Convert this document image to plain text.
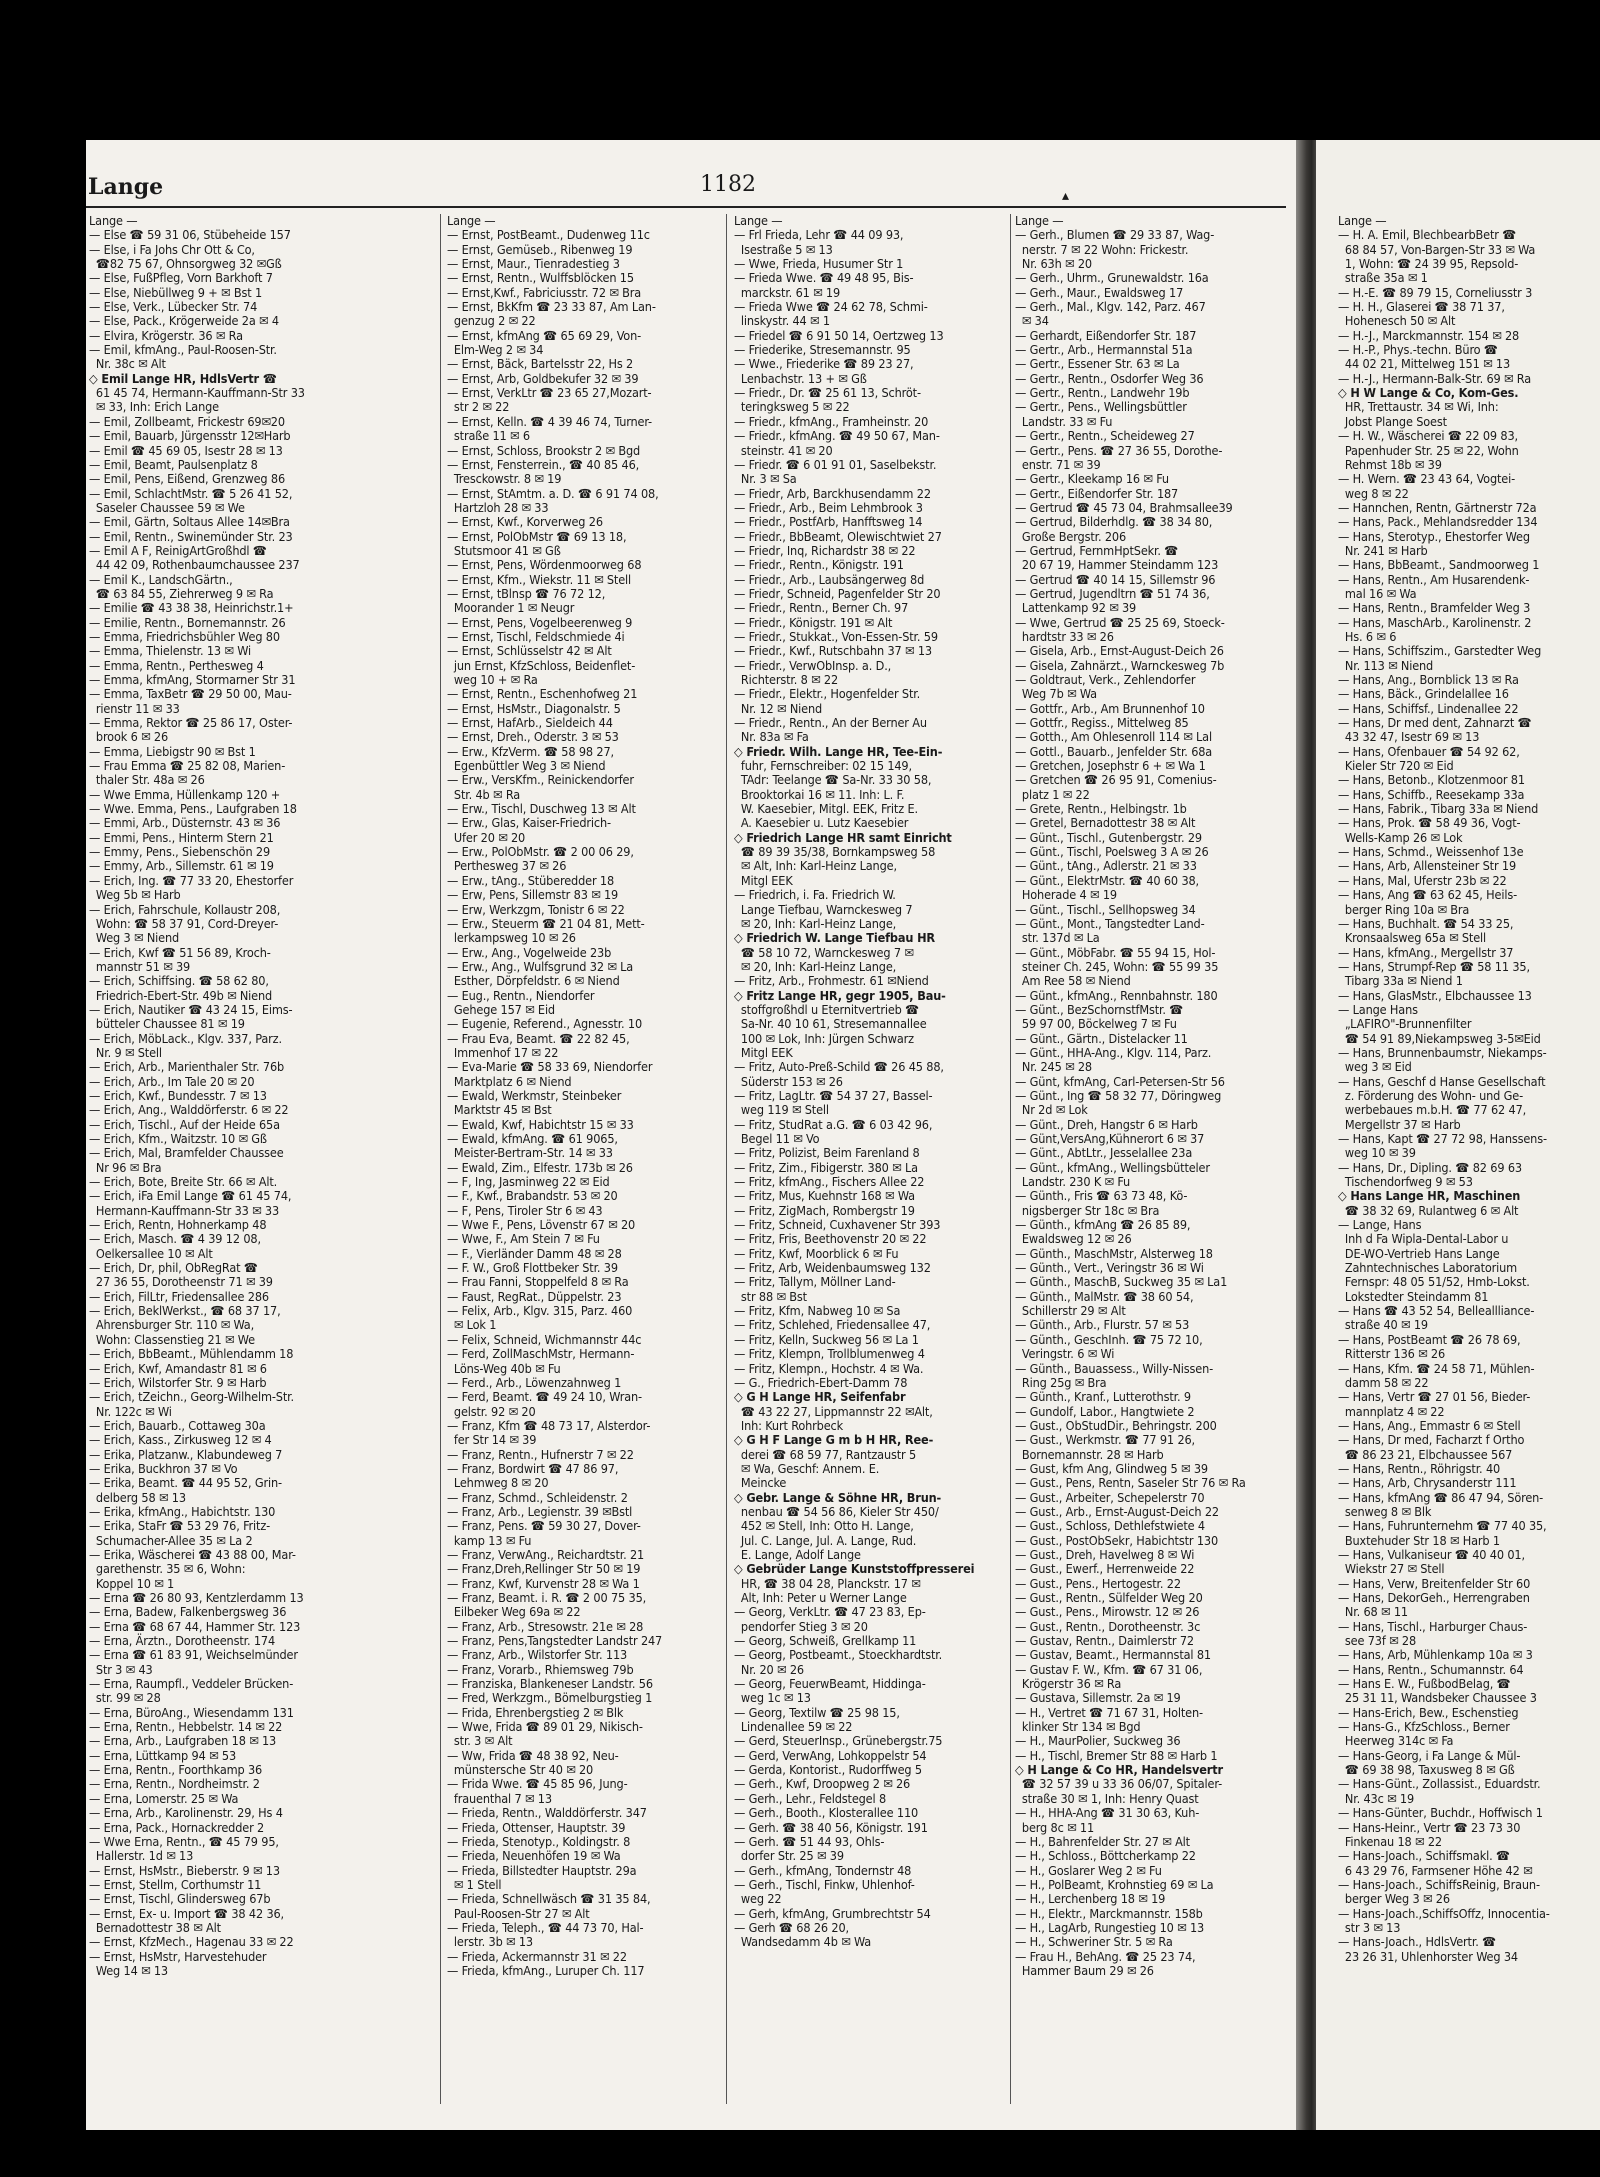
Lange	1182	▴
Lange —
— Else ☎ 59 31 06, Stübeheide 157
— Else, i Fa Johs Chr Ott & Co,
☎82 75 67, Ohnsorgweg 32 ✉Gß
— Else, FußPfleg, Vorn Barkhoft 7
— Else, Niebüllweg 9 + ✉ Bst 1
— Else, Verk., Lübecker Str. 74
— Else, Pack., Krögerweide 2a ✉ 4
— Elvira, Krögerstr. 36 ✉ Ra
— Emil, kfmAng., Paul-Roosen-Str.
Nr. 38c ✉ Alt
◇ Emil Lange HR, HdlsVertr ☎
61 45 74, Hermann-Kauffmann-Str 33
✉ 33, Inh: Erich Lange
— Emil, Zollbeamt, Frickestr 69✉20
— Emil, Bauarb, Jürgensstr 12✉Harb
— Emil ☎ 45 69 05, Isestr 28 ✉ 13
— Emil, Beamt, Paulsenplatz 8
— Emil, Pens, Eißend, Grenzweg 86
— Emil, SchlachtMstr. ☎ 5 26 41 52,
Saseler Chaussee 59 ✉ We
— Emil, Gärtn, Soltaus Allee 14✉Bra
— Emil, Rentn., Swinemünder Str. 23
— Emil A F, ReinigArtGroßhdl ☎
44 42 09, Rothenbaumchaussee 237
— Emil K., LandschGärtn.,
☎ 63 84 55, Ziehrerweg 9 ✉ Ra
— Emilie ☎ 43 38 38, Heinrichstr.1+
— Emilie, Rentn., Bornemannstr. 26
— Emma, Friedrichsbühler Weg 80
— Emma, Thielenstr. 13 ✉ Wi
— Emma, Rentn., Perthesweg 4
— Emma, kfmAng, Stormarner Str 31
— Emma, TaxBetr ☎ 29 50 00, Mau-
rienstr 11 ✉ 33
— Emma, Rektor ☎ 25 86 17, Oster-
brook 6 ✉ 26
— Emma, Liebigstr 90 ✉ Bst 1
— Frau Emma ☎ 25 82 08, Marien-
thaler Str. 48a ✉ 26
— Wwe Emma, Hüllenkamp 120 +
— Wwe. Emma, Pens., Laufgraben 18
— Emmi, Arb., Düsternstr. 43 ✉ 36
— Emmi, Pens., Hinterm Stern 21
— Emmy, Pens., Siebenschön 29
— Emmy, Arb., Sillemstr. 61 ✉ 19
— Erich, Ing. ☎ 77 33 20, Ehestorfer
Weg 5b ✉ Harb
— Erich, Fahrschule, Kollaustr 208,
Wohn: ☎ 58 37 91, Cord-Dreyer-
Weg 3 ✉ Niend
— Erich, Kwf ☎ 51 56 89, Kroch-
mannstr 51 ✉ 39
— Erich, Schiffsing. ☎ 58 62 80,
Friedrich-Ebert-Str. 49b ✉ Niend
— Erich, Nautiker ☎ 43 24 15, Eims-
bütteler Chaussee 81 ✉ 19
— Erich, MöbLack., Klgv. 337, Parz.
Nr. 9 ✉ Stell
— Erich, Arb., Marienthaler Str. 76b
— Erich, Arb., Im Tale 20 ✉ 20
— Erich, Kwf., Bundesstr. 7 ✉ 13
— Erich, Ang., Walddörferstr. 6 ✉ 22
— Erich, Tischl., Auf der Heide 65a
— Erich, Kfm., Waitzstr. 10 ✉ Gß
— Erich, Mal, Bramfelder Chaussee
Nr 96 ✉ Bra
— Erich, Bote, Breite Str. 66 ✉ Alt.
— Erich, iFa Emil Lange ☎ 61 45 74,
Hermann-Kauffmann-Str 33 ✉ 33
— Erich, Rentn, Hohnerkamp 48
— Erich, Masch. ☎ 4 39 12 08,
Oelkersallee 10 ✉ Alt
— Erich, Dr, phil, ObRegRat ☎
27 36 55, Dorotheenstr 71 ✉ 39
— Erich, FilLtr, Friedensallee 286
— Erich, BeklWerkst., ☎ 68 37 17,
Ahrensburger Str. 110 ✉ Wa,
Wohn: Classenstieg 21 ✉ We
— Erich, BbBeamt., Mühlendamm 18
— Erich, Kwf, Amandastr 81 ✉ 6
— Erich, Wilstorfer Str. 9 ✉ Harb
— Erich, tZeichn., Georg-Wilhelm-Str.
Nr. 122c ✉ Wi
— Erich, Bauarb., Cottaweg 30a
— Erich, Kass., Zirkusweg 12 ✉ 4
— Erika, Platzanw., Klabundeweg 7
— Erika, Buckhron 37 ✉ Vo
— Erika, Beamt. ☎ 44 95 52, Grin-
delberg 58 ✉ 13
— Erika, kfmAng., Habichtstr. 130
— Erika, StaFr ☎ 53 29 76, Fritz-
Schumacher-Allee 35 ✉ La 2
— Erika, Wäscherei ☎ 43 88 00, Mar-
garethenstr. 35 ✉ 6, Wohn:
Koppel 10 ✉ 1
— Erna ☎ 26 80 93, Kentzlerdamm 13
— Erna, Badew, Falkenbergsweg 36
— Erna ☎ 68 67 44, Hammer Str. 123
— Erna, Ärztn., Dorotheenstr. 174
— Erna ☎ 61 83 91, Weichselmünder
Str 3 ✉ 43
— Erna, Raumpfl., Veddeler Brücken-
str. 99 ✉ 28
— Erna, BüroAng., Wiesendamm 131
— Erna, Rentn., Hebbelstr. 14 ✉ 22
— Erna, Arb., Laufgraben 18 ✉ 13
— Erna, Lüttkamp 94 ✉ 53
— Erna, Rentn., Foorthkamp 36
— Erna, Rentn., Nordheimstr. 2
— Erna, Lomerstr. 25 ✉ Wa
— Erna, Arb., Karolinenstr. 29, Hs 4
— Erna, Pack., Hornackredder 2
— Wwe Erna, Rentn., ☎ 45 79 95,
Hallerstr. 1d ✉ 13
— Ernst, HsMstr., Bieberstr. 9 ✉ 13
— Ernst, Stellm, Corthumstr 11
— Ernst, Tischl, Glindersweg 67b
— Ernst, Ex- u. Import ☎ 38 42 36,
Bernadottestr 38 ✉ Alt
— Ernst, KfzMech., Hagenau 33 ✉ 22
— Ernst, HsMstr, Harvestehuder
Weg 14 ✉ 13
Lange —
— Ernst, PostBeamt., Dudenweg 11c
— Ernst, Gemüseb., Ribenweg 19
— Ernst, Maur., Tienradestieg 3
— Ernst, Rentn., Wulffsblöcken 15
— Ernst,Kwf., Fabriciusstr. 72 ✉ Bra
— Ernst, BkKfm ☎ 23 33 87, Am Lan-
genzug 2 ✉ 22
— Ernst, kfmAng ☎ 65 69 29, Von-
Elm-Weg 2 ✉ 34
— Ernst, Bäck, Bartelsstr 22, Hs 2
— Ernst, Arb, Goldbekufer 32 ✉ 39
— Ernst, VerkLtr ☎ 23 65 27,Mozart-
str 2 ✉ 22
— Ernst, Kelln. ☎ 4 39 46 74, Turner-
straße 11 ✉ 6
— Ernst, Schloss, Brookstr 2 ✉ Bgd
— Ernst, Fensterrein., ☎ 40 85 46,
Tresckowstr. 8 ✉ 19
— Ernst, StAmtm. a. D. ☎ 6 91 74 08,
Hartzloh 28 ✉ 33
— Ernst, Kwf., Korverweg 26
— Ernst, PolObMstr ☎ 69 13 18,
Stutsmoor 41 ✉ Gß
— Ernst, Pens, Wördenmoorweg 68
— Ernst, Kfm., Wiekstr. 11 ✉ Stell
— Ernst, tBlnsp ☎ 76 72 12,
Moorander 1 ✉ Neugr
— Ernst, Pens, Vogelbeerenweg 9
— Ernst, Tischl, Feldschmiede 4i
— Ernst, Schlüsselstr 42 ✉ Alt
jun Ernst, KfzSchloss, Beidenflet-
weg 10 + ✉ Ra
— Ernst, Rentn., Eschenhofweg 21
— Ernst, HsMstr., Diagonalstr. 5
— Ernst, HafArb., Sieldeich 44
— Ernst, Dreh., Oderstr. 3 ✉ 53
— Erw., KfzVerm. ☎ 58 98 27,
Egenbüttler Weg 3 ✉ Niend
— Erw., VersKfm., Reinickendorfer
Str. 4b ✉ Ra
— Erw., Tischl, Duschweg 13 ✉ Alt
— Erw., Glas, Kaiser-Friedrich-
Ufer 20 ✉ 20
— Erw., PolObMstr. ☎ 2 00 06 29,
Perthesweg 37 ✉ 26
— Erw., tAng., Stüberedder 18
— Erw, Pens, Sillemstr 83 ✉ 19
— Erw, Werkzgm, Tonistr 6 ✉ 22
— Erw., Steuerm ☎ 21 04 81, Mett-
lerkampsweg 10 ✉ 26
— Erw., Ang., Vogelweide 23b
— Erw., Ang., Wulfsgrund 32 ✉ La
Esther, Dörpfeldstr. 6 ✉ Niend
— Eug., Rentn., Niendorfer
Gehege 157 ✉ Eid
— Eugenie, Referend., Agnesstr. 10
— Frau Eva, Beamt. ☎ 22 82 45,
Immenhof 17 ✉ 22
— Eva-Marie ☎ 58 33 69, Niendorfer
Marktplatz 6 ✉ Niend
— Ewald, Werkmstr, Steinbeker
Marktstr 45 ✉ Bst
— Ewald, Kwf, Habichtstr 15 ✉ 33
— Ewald, kfmAng. ☎ 61 9065,
Meister-Bertram-Str. 14 ✉ 33
— Ewald, Zim., Elfestr. 173b ✉ 26
— F, Ing, Jasminweg 22 ✉ Eid
— F., Kwf., Brabandstr. 53 ✉ 20
— F, Pens, Tiroler Str 6 ✉ 43
— Wwe F., Pens, Lövenstr 67 ✉ 20
— Wwe, F., Am Stein 7 ✉ Fu
— F., Vierländer Damm 48 ✉ 28
— F. W., Groß Flottbeker Str. 39
— Frau Fanni, Stoppelfeld 8 ✉ Ra
— Faust, RegRat., Düppelstr. 23
— Felix, Arb., Klgv. 315, Parz. 460
✉ Lok 1
— Felix, Schneid, Wichmannstr 44c
— Ferd, ZollMaschMstr, Hermann-
Löns-Weg 40b ✉ Fu
— Ferd., Arb., Löwenzahnweg 1
— Ferd, Beamt. ☎ 49 24 10, Wran-
gelstr. 92 ✉ 20
— Franz, Kfm ☎ 48 73 17, Alsterdor-
fer Str 14 ✉ 39
— Franz, Rentn., Hufnerstr 7 ✉ 22
— Franz, Bordwirt ☎ 47 86 97,
Lehmweg 8 ✉ 20
— Franz, Schmd., Schleidenstr. 2
— Franz, Arb., Legienstr. 39 ✉Bstl
— Franz, Pens. ☎ 59 30 27, Dover-
kamp 13 ✉ Fu
— Franz, VerwAng., Reichardtstr. 21
— Franz,Dreh,Rellinger Str 50 ✉ 19
— Franz, Kwf, Kurvenstr 28 ✉ Wa 1
— Franz, Beamt. i. R. ☎ 2 00 75 35,
Eilbeker Weg 69a ✉ 22
— Franz, Arb., Stresowstr. 21e ✉ 28
— Franz, Pens,Tangstedter Landstr 247
— Franz, Arb., Wilstorfer Str. 113
— Franz, Vorarb., Rhiemsweg 79b
— Franziska, Blankeneser Landstr. 56
— Fred, Werkzgm., Bömelburgstieg 1
— Frida, Ehrenbergstieg 2 ✉ Blk
— Wwe, Frida ☎ 89 01 29, Nikisch-
str. 3 ✉ Alt
— Ww, Frida ☎ 48 38 92, Neu-
münstersche Str 40 ✉ 20
— Frida Wwe. ☎ 45 85 96, Jung-
frauenthal 7 ✉ 13
— Frieda, Rentn., Walddörferstr. 347
— Frieda, Ottenser, Hauptstr. 39
— Frieda, Stenotyp., Koldingstr. 8
— Frieda, Neuenhöfen 19 ✉ Wa
— Frieda, Billstedter Hauptstr. 29a
✉ 1 Stell
— Frieda, Schnellwäsch ☎ 31 35 84,
Paul-Roosen-Str 27 ✉ Alt
— Frieda, Teleph., ☎ 44 73 70, Hal-
lerstr. 3b ✉ 13
— Frieda, Ackermannstr 31 ✉ 22
— Frieda, kfmAng., Luruper Ch. 117
Lange —
— Frl Frieda, Lehr ☎ 44 09 93,
Isestraße 5 ✉ 13
— Wwe, Frieda, Husumer Str 1
— Frieda Wwe. ☎ 49 48 95, Bis-
marckstr. 61 ✉ 19
— Frieda Wwe ☎ 24 62 78, Schmi-
linskystr. 44 ✉ 1
— Friedel ☎ 6 91 50 14, Oertzweg 13
— Friederike, Stresemannstr. 95
— Wwe., Friederike ☎ 89 23 27,
Lenbachstr. 13 + ✉ Gß
— Friedr., Dr. ☎ 25 61 13, Schröt-
teringksweg 5 ✉ 22
— Friedr., kfmAng., Framheinstr. 20
— Friedr., kfmAng. ☎ 49 50 67, Man-
steinstr. 41 ✉ 20
— Friedr. ☎ 6 01 91 01, Saselbekstr.
Nr. 3 ✉ Sa
— Friedr, Arb, Barckhusendamm 22
— Friedr., Arb., Beim Lehmbrook 3
— Friedr., PostfArb, Hanfftsweg 14
— Friedr., BbBeamt, Olewischtwiet 27
— Friedr, Inq, Richardstr 38 ✉ 22
— Friedr., Rentn., Königstr. 191
— Friedr., Arb., Laubsängerweg 8d
— Friedr, Schneid, Pagenfelder Str 20
— Friedr., Rentn., Berner Ch. 97
— Friedr., Königstr. 191 ✉ Alt
— Friedr., Stukkat., Von-Essen-Str. 59
— Friedr., Kwf., Rutschbahn 37 ✉ 13
— Friedr., VerwObInsp. a. D.,
Richterstr. 8 ✉ 22
— Friedr., Elektr., Hogenfelder Str.
Nr. 12 ✉ Niend
— Friedr., Rentn., An der Berner Au
Nr. 83a ✉ Fa
◇ Friedr. Wilh. Lange HR, Tee-Ein-
fuhr, Fernschreiber: 02 15 149,
TAdr: Teelange ☎ Sa-Nr. 33 30 58,
Brooktorkai 16 ✉ 11. Inh: L. F.
W. Kaesebier, Mitgl. EEK, Fritz E.
A. Kaesebier u. Lutz Kaesebier
◇ Friedrich Lange HR samt Einricht
☎ 89 39 35/38, Bornkampsweg 58
✉ Alt, Inh: Karl-Heinz Lange,
Mitgl EEK
— Friedrich, i. Fa. Friedrich W.
Lange Tiefbau, Warnckesweg 7
✉ 20, Inh: Karl-Heinz Lange,
◇ Friedrich W. Lange Tiefbau HR
☎ 58 10 72, Warnckesweg 7 ✉
✉ 20, Inh: Karl-Heinz Lange,
— Fritz, Arb., Frohmestr. 61 ✉Niend
◇ Fritz Lange HR, gegr 1905, Bau-
stoffgroßhdl u Eternitvertrieb ☎
Sa-Nr. 40 10 61, Stresemannallee
100 ✉ Lok, Inh: Jürgen Schwarz
Mitgl EEK
— Fritz, Auto-Preß-Schild ☎ 26 45 88,
Süderstr 153 ✉ 26
— Fritz, LagLtr. ☎ 54 37 27, Bassel-
weg 119 ✉ Stell
— Fritz, StudRat a.G. ☎ 6 03 42 96,
Begel 11 ✉ Vo
— Fritz, Polizist, Beim Farenland 8
— Fritz, Zim., Fibigerstr. 380 ✉ La
— Fritz, kfmAng., Fischers Allee 22
— Fritz, Mus, Kuehnstr 168 ✉ Wa
— Fritz, ZigMach, Rombergstr 19
— Fritz, Schneid, Cuxhavener Str 393
— Fritz, Fris, Beethovenstr 20 ✉ 22
— Fritz, Kwf, Moorblick 6 ✉ Fu
— Fritz, Arb, Weidenbaumsweg 132
— Fritz, Tallym, Möllner Land-
str 88 ✉ Bst
— Fritz, Kfm, Nabweg 10 ✉ Sa
— Fritz, Schlehed, Friedensallee 47,
— Fritz, Kelln, Suckweg 56 ✉ La 1
— Fritz, Klempn, Trollblumenweg 4
— Fritz, Klempn., Hochstr. 4 ✉ Wa.
— G., Friedrich-Ebert-Damm 78
◇ G H Lange HR, Seifenfabr
☎ 43 22 27, Lippmannstr 22 ✉Alt,
Inh: Kurt Rohrbeck
◇ G H F Lange G m b H HR, Ree-
derei ☎ 68 59 77, Rantzaustr 5
✉ Wa, Geschf: Annem. E.
Meincke
◇ Gebr. Lange & Söhne HR, Brun-
nenbau ☎ 54 56 86, Kieler Str 450/
452 ✉ Stell, Inh: Otto H. Lange,
Jul. C. Lange, Jul. A. Lange, Rud.
E. Lange, Adolf Lange
◇ Gebrüder Lange Kunststoffpresserei
HR, ☎ 38 04 28, Planckstr. 17 ✉
Alt, Inh: Peter u Werner Lange
— Georg, VerkLtr. ☎ 47 23 83, Ep-
pendorfer Stieg 3 ✉ 20
— Georg, Schweiß, Grellkamp 11
— Georg, Postbeamt., Stoeckhardtstr.
Nr. 20 ✉ 26
— Georg, FeuerwBeamt, Hiddinga-
weg 1c ✉ 13
— Georg, Textilw ☎ 25 98 15,
Lindenallee 59 ✉ 22
— Gerd, SteuerInsp., Grünebergstr.75
— Gerd, VerwAng, Lohkoppelstr 54
— Gerda, Kontorist., Rudorffweg 5
— Gerh., Kwf, Droopweg 2 ✉ 26
— Gerh., Lehr., Feldstegel 8
— Gerh., Booth., Klosterallee 110
— Gerh. ☎ 38 40 56, Königstr. 191
— Gerh. ☎ 51 44 93, Ohls-
dorfer Str. 25 ✉ 39
— Gerh., kfmAng, Tondernstr 48
— Gerh., Tischl, Finkw, Uhlenhof-
weg 22
— Gerh, kfmAng, Grumbrechtstr 54
— Gerh ☎ 68 26 20,
Wandsedamm 4b ✉ Wa
Lange —
— Gerh., Blumen ☎ 29 33 87, Wag-
nerstr. 7 ✉ 22 Wohn: Frickestr.
Nr. 63h ✉ 20
— Gerh., Uhrm., Grunewaldstr. 16a
— Gerh., Maur., Ewaldsweg 17
— Gerh., Mal., Klgv. 142, Parz. 467
✉ 34
— Gerhardt, Eißendorfer Str. 187
— Gertr., Arb., Hermannstal 51a
— Gertr., Essener Str. 63 ✉ La
— Gertr., Rentn., Osdorfer Weg 36
— Gertr., Rentn., Landwehr 19b
— Gertr., Pens., Wellingsbüttler
Landstr. 33 ✉ Fu
— Gertr., Rentn., Scheideweg 27
— Gertr., Pens. ☎ 27 36 55, Dorothe-
enstr. 71 ✉ 39
— Gertr., Kleekamp 16 ✉ Fu
— Gertr., Eißendorfer Str. 187
— Gertrud ☎ 45 73 04, Brahmsallee39
— Gertrud, Bilderhdlg. ☎ 38 34 80,
Große Bergstr. 206
— Gertrud, FernmHptSekr. ☎
20 67 19, Hammer Steindamm 123
— Gertrud ☎ 40 14 15, Sillemstr 96
— Gertrud, Jugendltrn ☎ 51 74 36,
Lattenkamp 92 ✉ 39
— Wwe, Gertrud ☎ 25 25 69, Stoeck-
hardtstr 33 ✉ 26
— Gisela, Arb., Ernst-August-Deich 26
— Gisela, Zahnärzt., Warnckesweg 7b
— Goldtraut, Verk., Zehlendorfer
Weg 7b ✉ Wa
— Gottfr., Arb., Am Brunnenhof 10
— Gottfr., Regiss., Mittelweg 85
— Gotth., Am Ohlesenroll 114 ✉ Lal
— Gottl., Bauarb., Jenfelder Str. 68a
— Gretchen, Josephstr 6 + ✉ Wa 1
— Gretchen ☎ 26 95 91, Comenius-
platz 1 ✉ 22
— Grete, Rentn., Helbingstr. 1b
— Gretel, Bernadottestr 38 ✉ Alt
— Günt., Tischl., Gutenbergstr. 29
— Günt., Tischl, Poelsweg 3 A ✉ 26
— Günt., tAng., Adlerstr. 21 ✉ 33
— Günt., ElektrMstr. ☎ 40 60 38,
Hoherade 4 ✉ 19
— Günt., Tischl., Sellhopsweg 34
— Günt., Mont., Tangstedter Land-
str. 137d ✉ La
— Günt., MöbFabr. ☎ 55 94 15, Hol-
steiner Ch. 245, Wohn: ☎ 55 99 35
Am Ree 58 ✉ Niend
— Günt., kfmAng., Rennbahnstr. 180
— Günt., BezSchornstfMstr. ☎
59 97 00, Böckelweg 7 ✉ Fu
— Günt., Gärtn., Distelacker 11
— Günt., HHA-Ang., Klgv. 114, Parz.
Nr. 245 ✉ 28
— Günt, kfmAng, Carl-Petersen-Str 56
— Günt., Ing ☎ 58 32 77, Döringweg
Nr 2d ✉ Lok
— Günt., Dreh, Hangstr 6 ✉ Harb
— Günt,VersAng,Kühnerort 6 ✉ 37
— Günt., AbtLtr., Jesselallee 23a
— Günt., kfmAng., Wellingsbütteler
Landstr. 230 K ✉ Fu
— Günth., Fris ☎ 63 73 48, Kö-
nigsberger Str 18c ✉ Bra
— Günth., kfmAng ☎ 26 85 89,
Ewaldsweg 12 ✉ 26
— Günth., MaschMstr, Alsterweg 18
— Günth., Vert., Veringstr 36 ✉ Wi
— Günth., MaschB, Suckweg 35 ✉ La1
— Günth., MalMstr. ☎ 38 60 54,
Schillerstr 29 ✉ Alt
— Günth., Arb., Flurstr. 57 ✉ 53
— Günth., GeschInh. ☎ 75 72 10,
Veringstr. 6 ✉ Wi
— Günth., Bauassess., Willy-Nissen-
Ring 25g ✉ Bra
— Günth., Kranf., Lutterothstr. 9
— Gundolf, Labor., Hangtwiete 2
— Gust., ObStudDir., Behringstr. 200
— Gust., Werkmstr. ☎ 77 91 26,
Bornemannstr. 28 ✉ Harb
— Gust, kfm Ang, Glindweg 5 ✉ 39
— Gust., Pens, Rentn, Saseler Str 76 ✉ Ra
— Gust., Arbeiter, Schepelerstr 70
— Gust., Arb., Ernst-August-Deich 22
— Gust., Schloss, Dethlefstwiete 4
— Gust., PostObSekr, Habichtstr 130
— Gust., Dreh, Havelweg 8 ✉ Wi
— Gust., Ewerf., Herrenweide 22
— Gust., Pens., Hertogestr. 22
— Gust., Rentn., Sülfelder Weg 20
— Gust., Pens., Mirowstr. 12 ✉ 26
— Gust., Rentn., Dorotheenstr. 3c
— Gustav, Rentn., Daimlerstr 72
— Gustav, Beamt., Hermannstal 81
— Gustav F. W., Kfm. ☎ 67 31 06,
Krögerstr 36 ✉ Ra
— Gustava, Sillemstr. 2a ✉ 19
— H., Vertret ☎ 71 67 31, Holten-
klinker Str 134 ✉ Bgd
— H., MaurPolier, Suckweg 36
— H., Tischl, Bremer Str 88 ✉ Harb 1
◇ H Lange & Co HR, Handelsvertr
☎ 32 57 39 u 33 36 06/07, Spitaler-
straße 30 ✉ 1, Inh: Henry Quast
— H., HHA-Ang ☎ 31 30 63, Kuh-
berg 8c ✉ 11
— H., Bahrenfelder Str. 27 ✉ Alt
— H., Schloss., Böttcherkamp 22
— H., Goslarer Weg 2 ✉ Fu
— H., PolBeamt, Krohnstieg 69 ✉ La
— H., Lerchenberg 18 ✉ 19
— H., Elektr., Marckmannstr. 158b
— H., LagArb, Rungestieg 10 ✉ 13
— H., Schweriner Str. 5 ✉ Ra
— Frau H., BehAng. ☎ 25 23 74,
Hammer Baum 29 ✉ 26
Lange —
— H. A. Emil, BlechbearbBetr ☎
68 84 57, Von-Bargen-Str 33 ✉ Wa
1, Wohn: ☎ 24 39 95, Repsold-
straße 35a ✉ 1
— H.-E. ☎ 89 79 15, Corneliusstr 3
— H. H., Glaserei ☎ 38 71 37,
Hohenesch 50 ✉ Alt
— H.-J., Marckmannstr. 154 ✉ 28
— H.-P., Phys.-techn. Büro ☎
44 02 21, Mittelweg 151 ✉ 13
— H.-J., Hermann-Balk-Str. 69 ✉ Ra
◇ H W Lange & Co, Kom-Ges.
HR, Trettaustr. 34 ✉ Wi, Inh:
Jobst Plange Soest
— H. W., Wäscherei ☎ 22 09 83,
Papenhuder Str. 25 ✉ 22, Wohn
Rehmst 18b ✉ 39
— H. Wern. ☎ 23 43 64, Vogtei-
weg 8 ✉ 22
— Hannchen, Rentn, Gärtnerstr 72a
— Hans, Pack., Mehlandsredder 134
— Hans, Sterotyp., Ehestorfer Weg
Nr. 241 ✉ Harb
— Hans, BbBeamt., Sandmoorweg 1
— Hans, Rentn., Am Husarendenk-
mal 16 ✉ Wa
— Hans, Rentn., Bramfelder Weg 3
— Hans, MaschArb., Karolinenstr. 2
Hs. 6 ✉ 6
— Hans, Schiffszim., Garstedter Weg
Nr. 113 ✉ Niend
— Hans, Ang., Bornblick 13 ✉ Ra
— Hans, Bäck., Grindelallee 16
— Hans, Schiffsf., Lindenallee 22
— Hans, Dr med dent, Zahnarzt ☎
43 32 47, Isestr 69 ✉ 13
— Hans, Ofenbauer ☎ 54 92 62,
Kieler Str 720 ✉ Eid
— Hans, Betonb., Klotzenmoor 81
— Hans, Schiffb., Reesekamp 33a
— Hans, Fabrik., Tibarg 33a ✉ Niend
— Hans, Prok. ☎ 58 49 36, Vogt-
Wells-Kamp 26 ✉ Lok
— Hans, Schmd., Weissenhof 13e
— Hans, Arb, Allensteiner Str 19
— Hans, Mal, Uferstr 23b ✉ 22
— Hans, Ang ☎ 63 62 45, Heils-
berger Ring 10a ✉ Bra
— Hans, Buchhalt. ☎ 54 33 25,
Kronsaalsweg 65a ✉ Stell
— Hans, kfmAng., Mergellstr 37
— Hans, Strumpf-Rep ☎ 58 11 35,
Tibarg 33a ✉ Niend 1
— Hans, GlasMstr., Elbchaussee 13
— Lange Hans
„LAFIRO"-Brunnenfilter
☎ 54 91 89,Niekampsweg 3-5✉Eid
— Hans, Brunnenbaumstr, Niekamps-
weg 3 ✉ Eid
— Hans, Geschf d Hanse Gesellschaft
z. Förderung des Wohn- und Ge-
werbebaues m.b.H. ☎ 77 62 47,
Mergellstr 37 ✉ Harb
— Hans, Kapt ☎ 27 72 98, Hanssens-
weg 10 ✉ 39
— Hans, Dr., Dipling. ☎ 82 69 63
Tischendorfweg 9 ✉ 53
◇ Hans Lange HR, Maschinen
☎ 38 32 69, Rulantweg 6 ✉ Alt
— Lange, Hans
Inh d Fa Wipla-Dental-Labor u
DE-WO-Vertrieb Hans Lange
Zahntechnisches Laboratorium
Fernspr: 48 05 51/52, Hmb-Lokst.
Lokstedter Steindamm 81
— Hans ☎ 43 52 54, Belleallliance-
straße 40 ✉ 19
— Hans, PostBeamt ☎ 26 78 69,
Ritterstr 136 ✉ 26
— Hans, Kfm. ☎ 24 58 71, Mühlen-
damm 58 ✉ 22
— Hans, Vertr ☎ 27 01 56, Bieder-
mannplatz 4 ✉ 22
— Hans, Ang., Emmastr 6 ✉ Stell
— Hans, Dr med, Facharzt f Ortho
☎ 86 23 21, Elbchaussee 567
— Hans, Rentn., Röhrigstr. 40
— Hans, Arb, Chrysanderstr 111
— Hans, kfmAng ☎ 86 47 94, Sören-
senweg 8 ✉ Blk
— Hans, Fuhrunternehm ☎ 77 40 35,
Buxtehuder Str 18 ✉ Harb 1
— Hans, Vulkaniseur ☎ 40 40 01,
Wiekstr 27 ✉ Stell
— Hans, Verw, Breitenfelder Str 60
— Hans, DekorGeh., Herrengraben
Nr. 68 ✉ 11
— Hans, Tischl., Harburger Chaus-
see 73f ✉ 28
— Hans, Arb, Mühlenkamp 10a ✉ 3
— Hans, Rentn., Schumannstr. 64
— Hans E. W., FußbodBelag, ☎
25 31 11, Wandsbeker Chaussee 3
— Hans-Erich, Bew., Eschenstieg
— Hans-G., KfzSchloss., Berner
Heerweg 314c ✉ Fa
— Hans-Georg, i Fa Lange & Mül-
☎ 69 38 98, Taxusweg 8 ✉ Gß
— Hans-Günt., Zollassist., Eduardstr.
Nr. 43c ✉ 19
— Hans-Günter, Buchdr., Hoffwisch 1
— Hans-Heinr., Vertr ☎ 23 73 30
Finkenau 18 ✉ 22
— Hans-Joach., Schiffsmakl. ☎
6 43 29 76, Farmsener Höhe 42 ✉
— Hans-Joach., SchiffsReinig, Braun-
berger Weg 3 ✉ 26
— Hans-Joach.,SchiffsOffz, Innocentia-
str 3 ✉ 13
— Hans-Joach., HdlsVertr. ☎
23 26 31, Uhlenhorster Weg 34
